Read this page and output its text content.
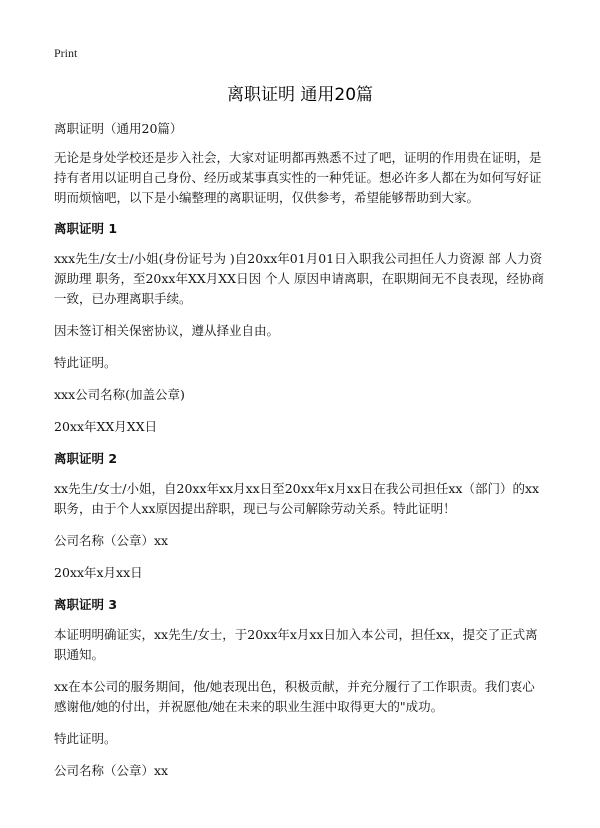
Print
离职证明 通用20篇

离职证明（通用20篇）

无论是身处学校还是步入社会，大家对证明都再熟悉不过了吧，证明的作用贵在证明，是持有者用以证明自己身份、经历或某事真实性的一种凭证。想必许多人都在为如何写好证明而烦恼吧，以下是小编整理的离职证明，仅供参考，希望能够帮助到大家。

离职证明 1

xxx先生/女士/小姐(身份证号为 )自20xx年01月01日入职我公司担任人力资源 部 人力资源助理 职务，至20xx年XX月XX日因 个人 原因申请离职，在职期间无不良表现，经协商一致，已办理离职手续。

因未签订相关保密协议，遵从择业自由。

特此证明。

xxx公司名称(加盖公章)

20xx年XX月XX日

离职证明 2

xx先生/女士/小姐，自20xx年xx月xx日至20xx年x月xx日在我公司担任xx（部门）的xx职务，由于个人xx原因提出辞职，现已与公司解除劳动关系。特此证明！

公司名称（公章）xx

20xx年x月xx日

离职证明 3

本证明明确证实，xx先生/女士，于20xx年x月xx日加入本公司，担任xx，提交了正式离职通知。

xx在本公司的服务期间，他/她表现出色，积极贡献，并充分履行了工作职责。我们衷心感谢他/她的付出，并祝愿他/她在未来的职业生涯中取得更大的"成功。

特此证明。

公司名称（公章）xx
